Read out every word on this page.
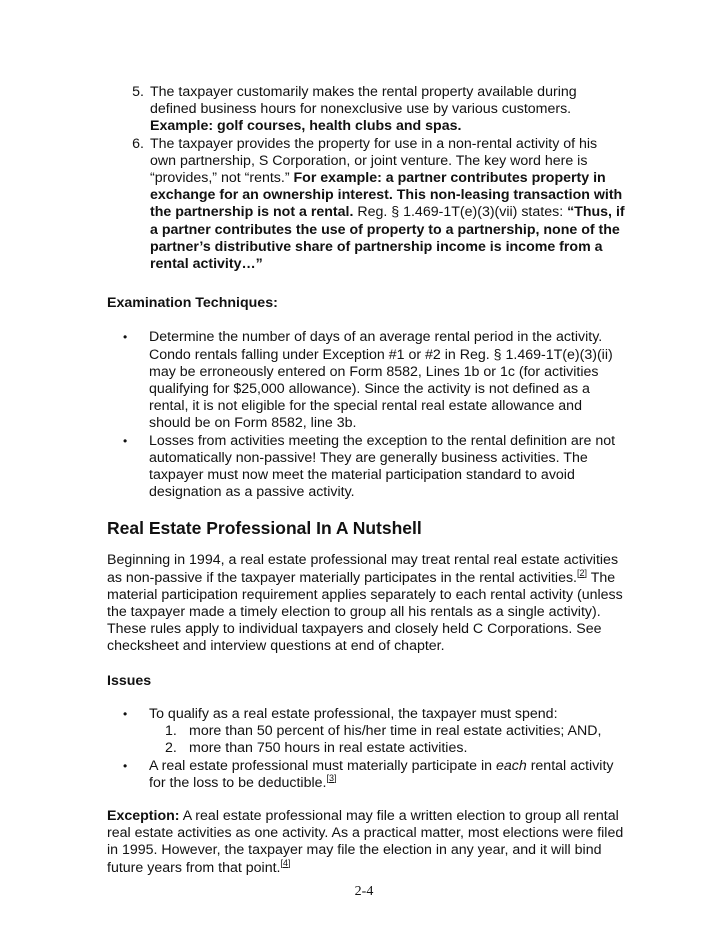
5. The taxpayer customarily makes the rental property available during defined business hours for nonexclusive use by various customers. Example: golf courses, health clubs and spas.
6. The taxpayer provides the property for use in a non-rental activity of his own partnership, S Corporation, or joint venture. The key word here is “provides,” not “rents.” For example: a partner contributes property in exchange for an ownership interest. This non-leasing transaction with the partnership is not a rental. Reg. § 1.469-1T(e)(3)(vii) states: “Thus, if a partner contributes the use of property to a partnership, none of the partner’s distributive share of partnership income is income from a rental activity…”
Examination Techniques:
•	Determine the number of days of an average rental period in the activity. Condo rentals falling under Exception #1 or #2 in Reg. § 1.469-1T(e)(3)(ii) may be erroneously entered on Form 8582, Lines 1b or 1c (for activities qualifying for $25,000 allowance). Since the activity is not defined as a rental, it is not eligible for the special rental real estate allowance and should be on Form 8582, line 3b.
•	Losses from activities meeting the exception to the rental definition are not automatically non-passive! They are generally business activities. The taxpayer must now meet the material participation standard to avoid designation as a passive activity.
Real Estate Professional In A Nutshell

Beginning in 1994, a real estate professional may treat rental real estate activities as non-passive if the taxpayer materially participates in the rental activities.[2] The material participation requirement applies separately to each rental activity (unless the taxpayer made a timely election to group all his rentals as a single activity). These rules apply to individual taxpayers and closely held C Corporations. See checksheet and interview questions at end of chapter.

Issues
•	To qualify as a real estate professional, the taxpayer must spend:
1. more than 50 percent of his/her time in real estate activities; AND,
2. more than 750 hours in real estate activities.
•	A real estate professional must materially participate in each rental activity for the loss to be deductible.[3]

Exception: A real estate professional may file a written election to group all rental real estate activities as one activity. As a practical matter, most elections were filed in 1995. However, the taxpayer may file the election in any year, and it will bind future years from that point.[4]

2-4
